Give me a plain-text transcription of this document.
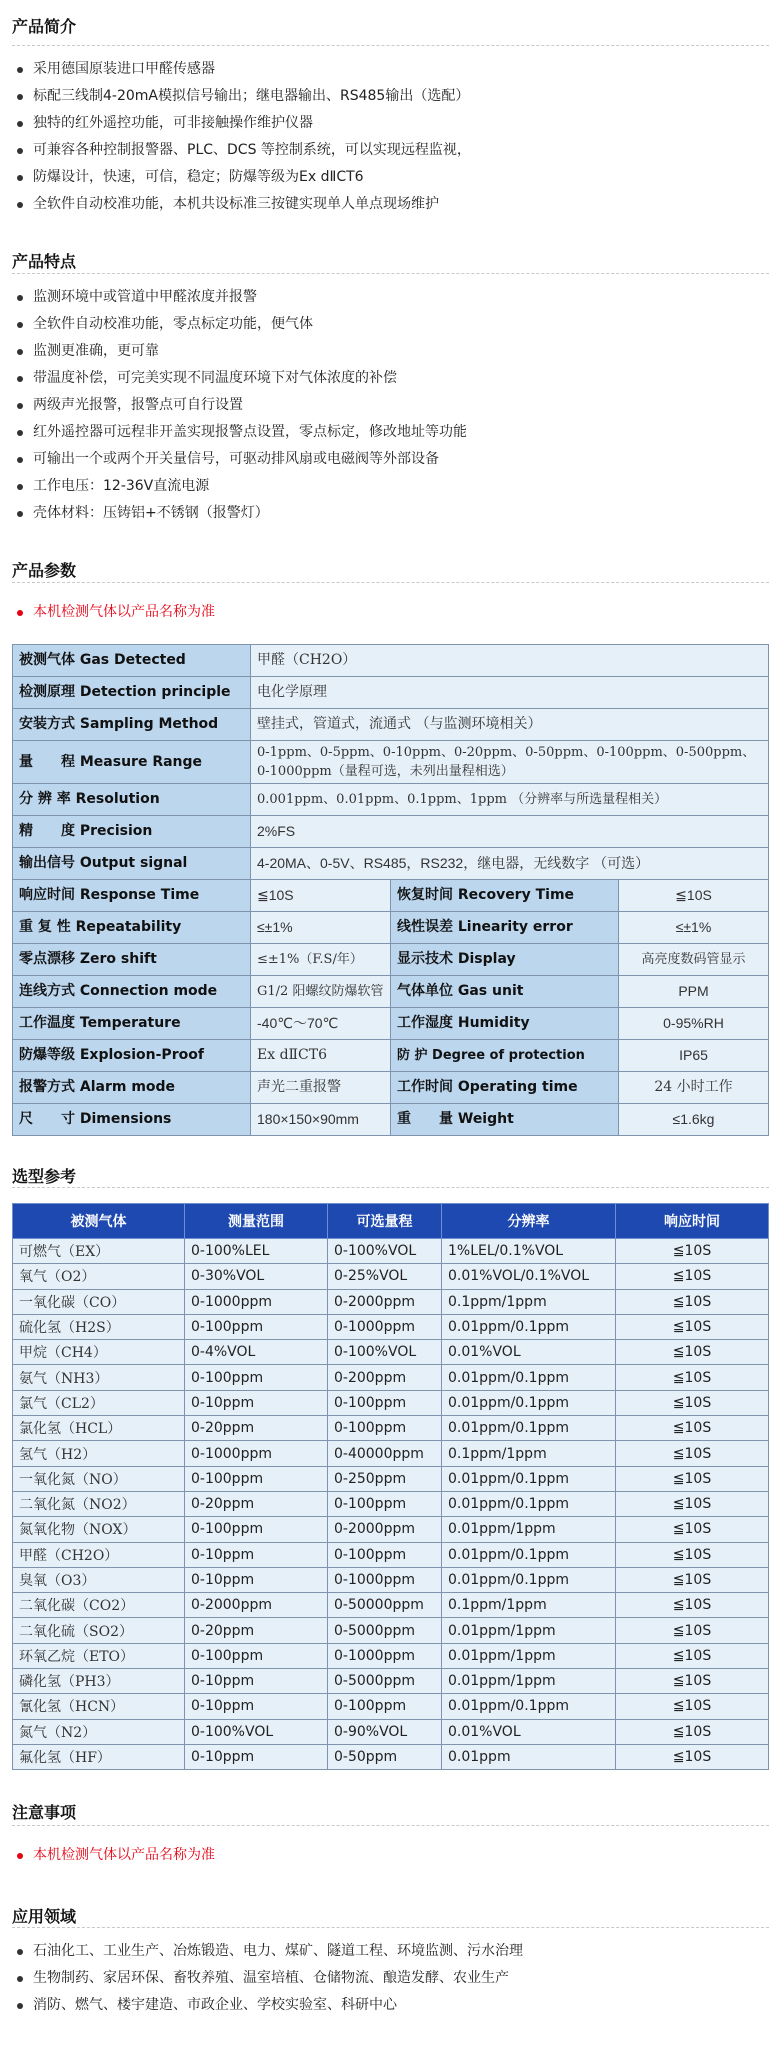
产品简介
采用德国原装进口甲醛传感器
标配三线制4-20mA模拟信号输出；继电器输出、RS485输出（选配）
独特的红外遥控功能，可非接触操作维护仪器
可兼容各种控制报警器、PLC、DCS 等控制系统，可以实现远程监视，
防爆设计，快速，可信，稳定；防爆等级为Ex dⅡCT6
全软件自动校准功能，本机共设标准三按键实现单人单点现场维护
产品特点
监测环境中或管道中甲醛浓度并报警
全软件自动校准功能，零点标定功能，便气体
监测更准确，更可靠
带温度补偿，可完美实现不同温度环境下对气体浓度的补偿
两级声光报警，报警点可自行设置
红外遥控器可远程非开盖实现报警点设置，零点标定，修改地址等功能
可输出一个或两个开关量信号，可驱动排风扇或电磁阀等外部设备
工作电压：12-36V直流电源
壳体材料：压铸铝+不锈钢（报警灯）
产品参数
本机检测气体以产品名称为准
被测气体 Gas Detected	甲醛（CH2O）		
检测原理 Detection principle	电化学原理		
安装方式 Sampling Method	壁挂式，管道式，流通式 （与监测环境相关）		
量　　程 Measure Range	0-1ppm、0-5ppm、0-10ppm、0-20ppm、0-50ppm、0-100ppm、0-500ppm、0-1000ppm（量程可选，未列出量程相选）		
分 辨 率 Resolution	0.001ppm、0.01ppm、0.1ppm、1ppm （分辨率与所选量程相关）		
精　　度 Precision	2%FS		
输出信号 Output signal	4-20MA、0-5V、RS485，RS232，继电器，无线数字 （可选）		
响应时间 Response Time	≦10S	恢复时间 Recovery Time	≦10S
重 复 性 Repeatability	≤±1%	线性误差 Linearity error	≤±1%
零点漂移 Zero shift	≤±1%（F.S/年）	显示技术 Display	高亮度数码管显示
连线方式 Connection mode	G1/2 阳螺纹防爆软管	气体单位 Gas unit	PPM
工作温度 Temperature	-40℃～70℃	工作湿度 Humidity	0-95%RH
防爆等级 Explosion-Proof	Ex dⅡCT6	防 护 Degree of protection	IP65
报警方式 Alarm mode	声光二重报警	工作时间 Operating time	24 小时工作
尺　　寸 Dimensions	180×150×90mm	重　　量 Weight	≤1.6kg
选型参考
被测气体	测量范围	可选量程	分辨率	响应时间
可燃气（EX）	0-100%LEL	0-100%VOL	1%LEL/0.1%VOL	≦10S
氧气（O2）	0-30%VOL	0-25%VOL	0.01%VOL/0.1%VOL	≦10S
一氧化碳（CO）	0-1000ppm	0-2000ppm	0.1ppm/1ppm	≦10S
硫化氢（H2S）	0-100ppm	0-1000ppm	0.01ppm/0.1ppm	≦10S
甲烷（CH4）	0-4%VOL	0-100%VOL	0.01%VOL	≦10S
氨气（NH3）	0-100ppm	0-200ppm	0.01ppm/0.1ppm	≦10S
氯气（CL2）	0-10ppm	0-100ppm	0.01ppm/0.1ppm	≦10S
氯化氢（HCL）	0-20ppm	0-100ppm	0.01ppm/0.1ppm	≦10S
氢气（H2）	0-1000ppm	0-40000ppm	0.1ppm/1ppm	≦10S
一氧化氮（NO）	0-100ppm	0-250ppm	0.01ppm/0.1ppm	≦10S
二氧化氮（NO2）	0-20ppm	0-100ppm	0.01ppm/0.1ppm	≦10S
氮氧化物（NOX）	0-100ppm	0-2000ppm	0.01ppm/1ppm	≦10S
甲醛（CH2O）	0-10ppm	0-100ppm	0.01ppm/0.1ppm	≦10S
臭氧（O3）	0-10ppm	0-1000ppm	0.01ppm/0.1ppm	≦10S
二氧化碳（CO2）	0-2000ppm	0-50000ppm	0.1ppm/1ppm	≦10S
二氧化硫（SO2）	0-20ppm	0-5000ppm	0.01ppm/1ppm	≦10S
环氧乙烷（ETO）	0-100ppm	0-1000ppm	0.01ppm/1ppm	≦10S
磷化氢（PH3）	0-10ppm	0-5000ppm	0.01ppm/1ppm	≦10S
氰化氢（HCN）	0-10ppm	0-100ppm	0.01ppm/0.1ppm	≦10S
氮气（N2）	0-100%VOL	0-90%VOL	0.01%VOL	≦10S
氟化氢（HF）	0-10ppm	0-50ppm	0.01ppm	≦10S
注意事项
本机检测气体以产品名称为准
应用领域
石油化工、工业生产、冶炼锻造、电力、煤矿、隧道工程、环境监测、污水治理
生物制药、家居环保、畜牧养殖、温室培植、仓储物流、酿造发酵、农业生产
消防、燃气、楼宇建造、市政企业、学校实验室、科研中心
